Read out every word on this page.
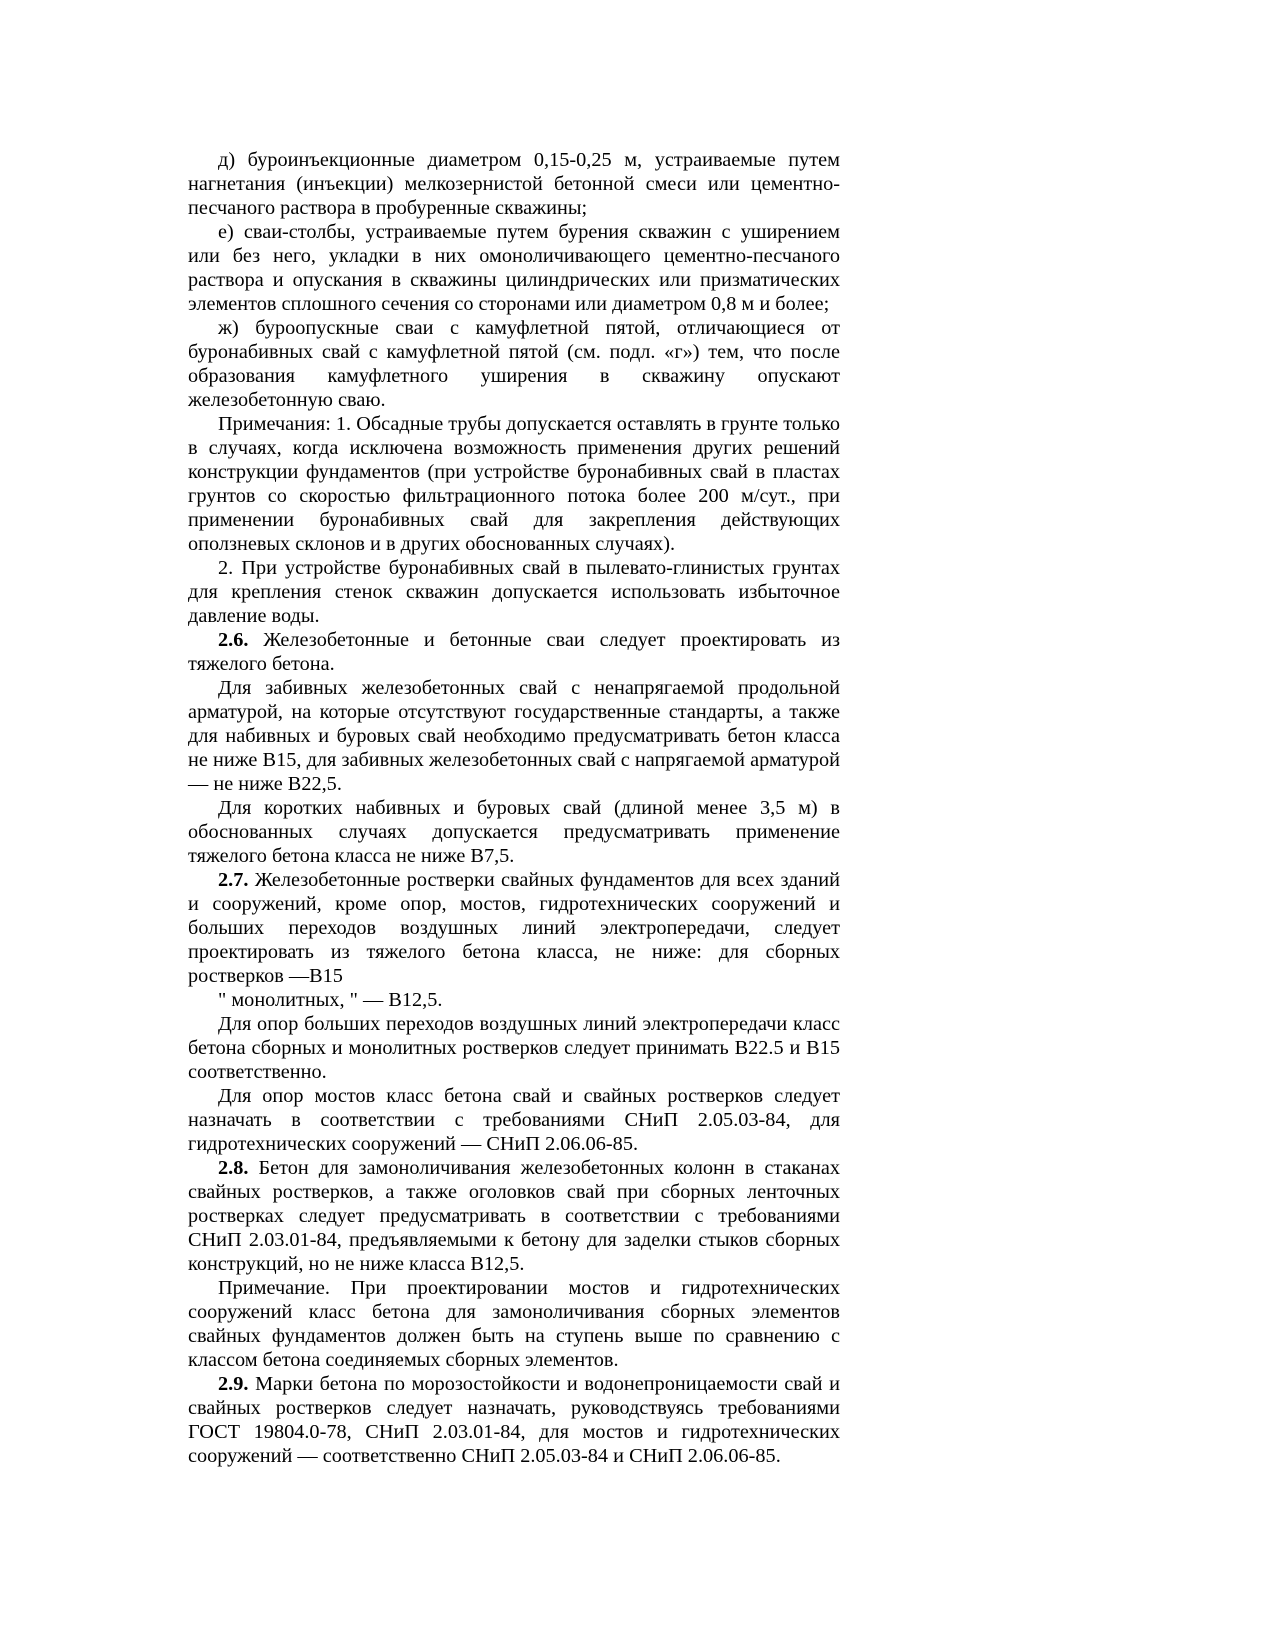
д) буроинъекционные диаметром 0,15-0,25 м, устраиваемые путем нагнетания (инъекции) мелкозернистой бетонной смеси или цементно-песчаного раствора в пробуренные скважины;

е) сваи-столбы, устраиваемые путем бурения скважин с уширением или без него, укладки в них омоноличивающего цементно-песчаного раствора и опускания в скважины цилиндрических или призматических элементов сплошного сечения со сторонами или диаметром 0,8 м и более;

ж) буроопускные сваи с камуфлетной пятой, отличающиеся от буронабивных свай с камуфлетной пятой (см. подл. «г») тем, что после образования камуфлетного уширения в скважину опускают железобетонную сваю.

Примечания: 1. Обсадные трубы допускается оставлять в грунте только в случаях, когда исключена возможность применения других решений конструкции фундаментов (при устройстве буронабивных свай в пластах грунтов со скоростью фильтрационного потока более 200 м/сут., при применении буронабивных свай для закрепления действующих оползневых склонов и в других обоснованных случаях).

2. При устройстве буронабивных свай в пылевато-глинистых грунтах для крепления стенок скважин допускается использовать избыточное давление воды.

2.6. Железобетонные и бетонные сваи следует проектировать из тяжелого бетона.

Для забивных железобетонных свай с ненапрягаемой продольной арматурой, на которые отсутствуют государственные стандарты, а также для набивных и буровых свай необходимо предусматривать бетон класса не ниже В15, для забивных железобетонных свай с напрягаемой арматурой — не ниже В22,5.

Для коротких набивных и буровых свай (длиной менее 3,5 м) в обоснованных случаях допускается предусматривать применение тяжелого бетона класса не ниже В7,5.

2.7. Железобетонные ростверки свайных фундаментов для всех зданий и сооружений, кроме опор, мостов, гидротехнических сооружений и больших переходов воздушных линий электропередачи, следует проектировать из тяжелого бетона класса, не ниже: для сборных ростверков —В15

" монолитных, " — В12,5.

Для опор больших переходов воздушных линий электропередачи класс бетона сборных и монолитных ростверков следует принимать В22.5 и В15 соответственно.

Для опор мостов класс бетона свай и свайных ростверков следует назначать в соответствии с требованиями СНиП 2.05.03-84, для гидротехнических сооружений — СНиП 2.06.06-85.

2.8. Бетон для замоноличивания железобетонных колонн в стаканах свайных ростверков, а также оголовков свай при сборных ленточных ростверках следует предусматривать в соответствии с требованиями СНиП 2.03.01-84, предъявляемыми к бетону для заделки стыков сборных конструкций, но не ниже класса В12,5.

Примечание. При проектировании мостов и гидротехнических сооружений класс бетона для замоноличивания сборных элементов свайных фундаментов должен быть на ступень выше по сравнению с классом бетона соединяемых сборных элементов.

2.9. Марки бетона по морозостойкости и водонепроницаемости свай и свайных ростверков следует назначать, руководствуясь требованиями ГОСТ 19804.0-78, СНиП 2.03.01-84, для мостов и гидротехнических сооружений — соответственно СНиП 2.05.03-84 и СНиП 2.06.06-85.
